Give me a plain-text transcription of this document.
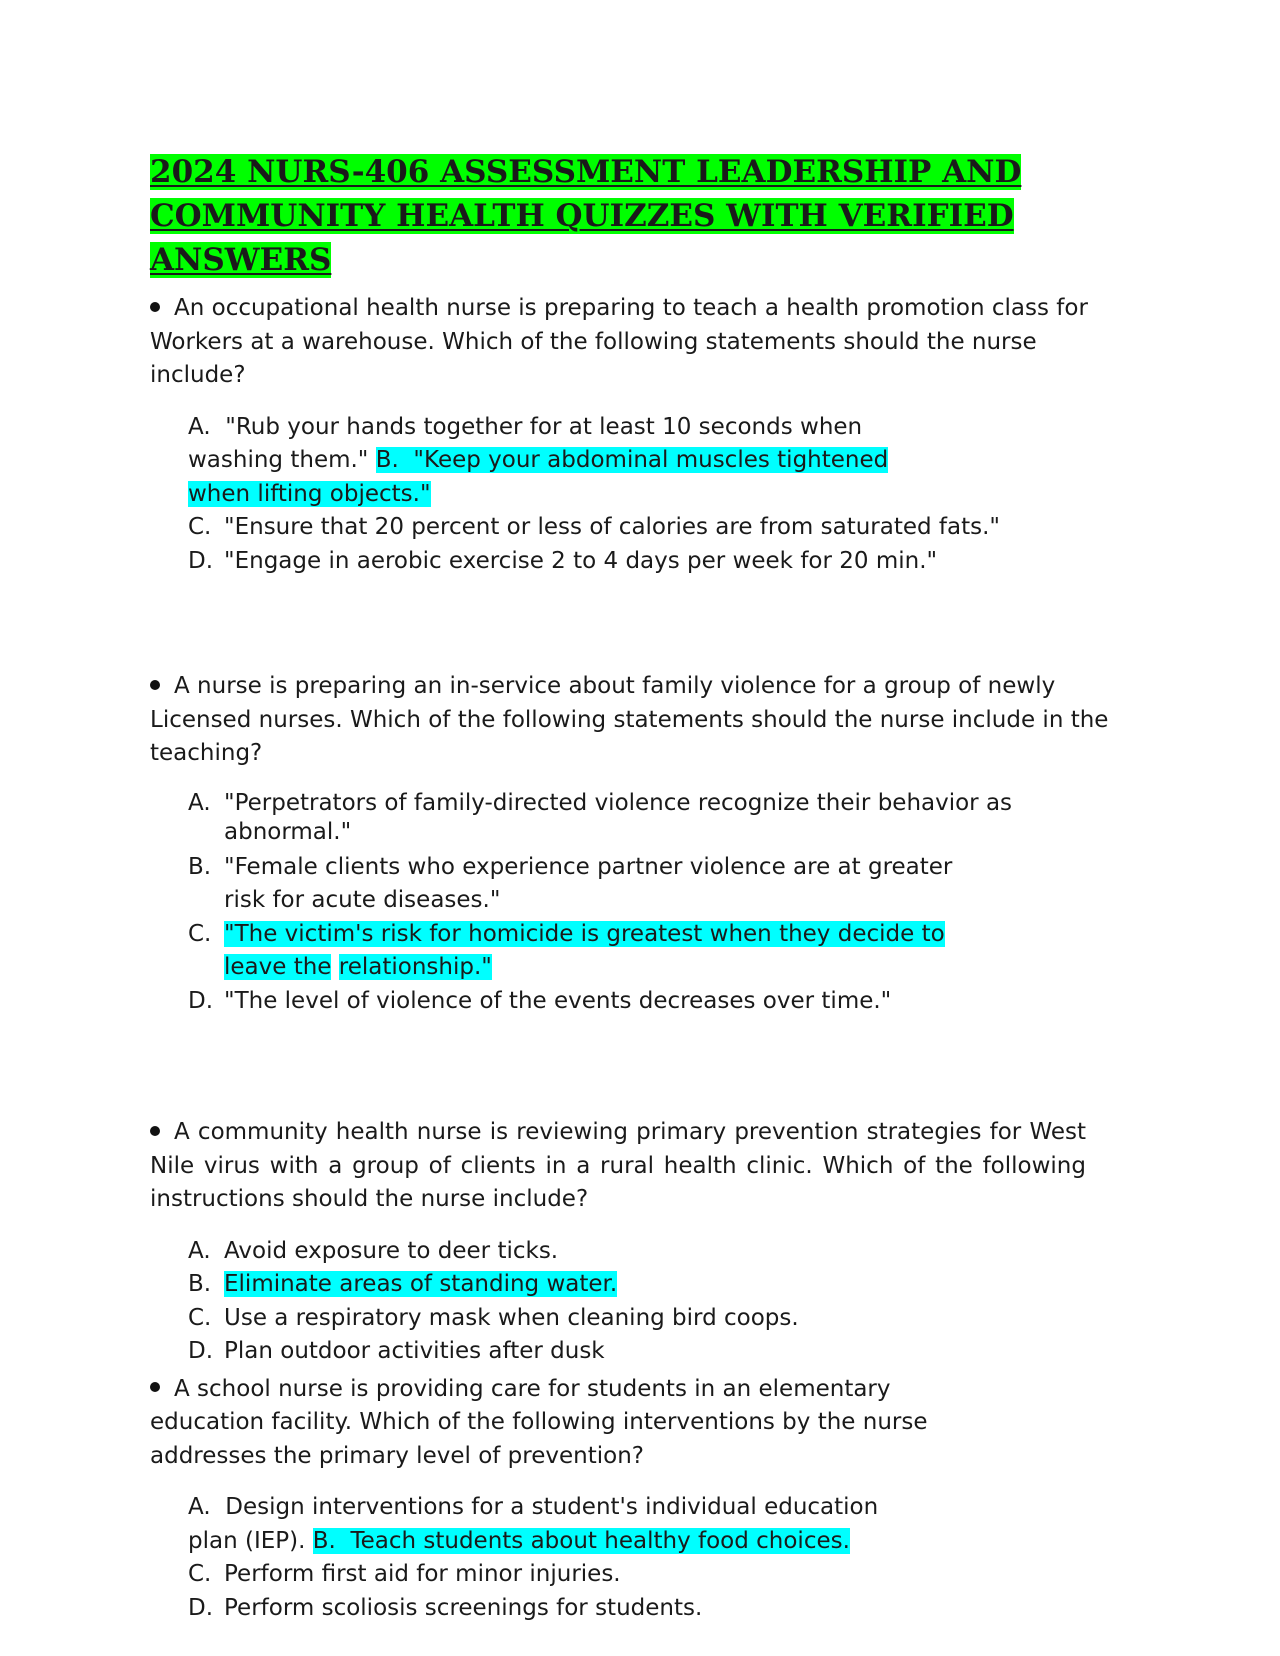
2024 NURS-406 ASSESSMENT LEADERSHIP AND COMMUNITY HEALTH QUIZZES WITH VERIFIED ANSWERS

An occupational health nurse is preparing to teach a health promotion class for Workers at a warehouse. Which of the following statements should the nurse include?

A. "Rub your hands together for at least 10 seconds when washing them." B. "Keep your abdominal muscles tightened when lifting objects."
C. "Ensure that 20 percent or less of calories are from saturated fats."
D. "Engage in aerobic exercise 2 to 4 days per week for 20 min."

A nurse is preparing an in-service about family violence for a group of newly Licensed nurses. Which of the following statements should the nurse include in the teaching?

A. "Perpetrators of family-directed violence recognize their behavior as abnormal."
B. "Female clients who experience partner violence are at greater risk for acute diseases."
C. "The victim's risk for homicide is greatest when they decide to leave the relationship."
D. "The level of violence of the events decreases over time."

A community health nurse is reviewing primary prevention strategies for West Nile virus with a group of clients in a rural health clinic. Which of the following instructions should the nurse include?

A. Avoid exposure to deer ticks.
B. Eliminate areas of standing water.
C. Use a respiratory mask when cleaning bird coops.
D. Plan outdoor activities after dusk

A school nurse is providing care for students in an elementary education facility. Which of the following interventions by the nurse addresses the primary level of prevention?

A. Design interventions for a student's individual education plan (IEP). B. Teach students about healthy food choices.
C. Perform first aid for minor injuries.
D. Perform scoliosis screenings for students.
